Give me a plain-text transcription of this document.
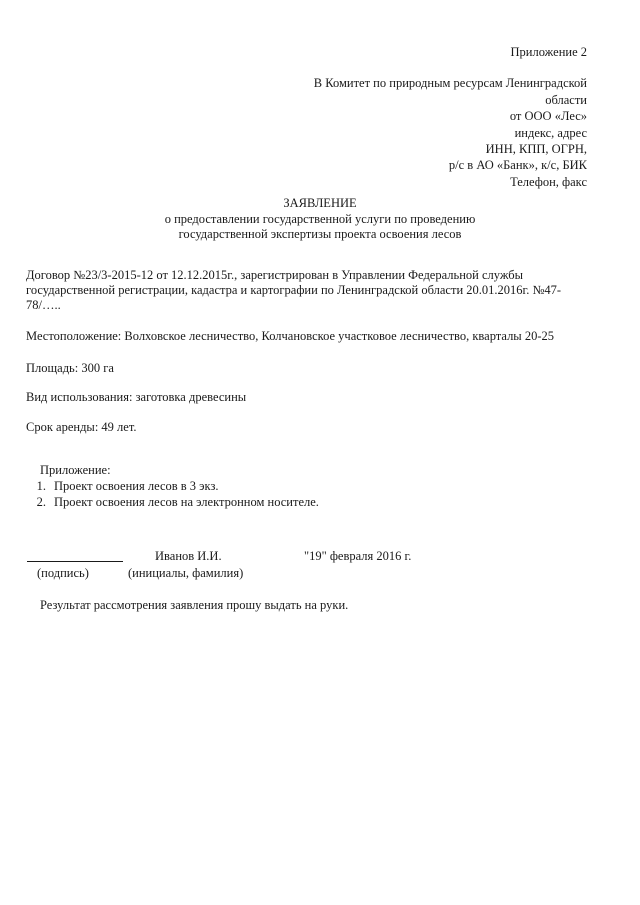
Приложение 2
В Комитет по природным ресурсам Ленинградской
области
от ООО «Лес»
индекс, адрес
ИНН, КПП, ОГРН,
р/с в АО «Банк», к/с, БИК
Телефон, факс
ЗАЯВЛЕНИЕ
о предоставлении государственной услуги по проведению
государственной экспертизы проекта освоения лесов
Договор №23/3-2015-12 от 12.12.2015г., зарегистрирован в Управлении Федеральной службы государственной регистрации, кадастра и картографии по Ленинградской области 20.01.2016г. №47-78/…..
Местоположение: Волховское лесничество, Колчановское участковое лесничество, кварталы 20-25
Площадь: 300 га
Вид использования: заготовка древесины
Срок аренды: 49 лет.
Приложение:
1. Проект освоения лесов в 3 экз.
2. Проект освоения лесов на электронном носителе.
Иванов И.И.	"19" февраля 2016 г.
(подпись)	(инициалы, фамилия)
Результат рассмотрения заявления прошу выдать на руки.
